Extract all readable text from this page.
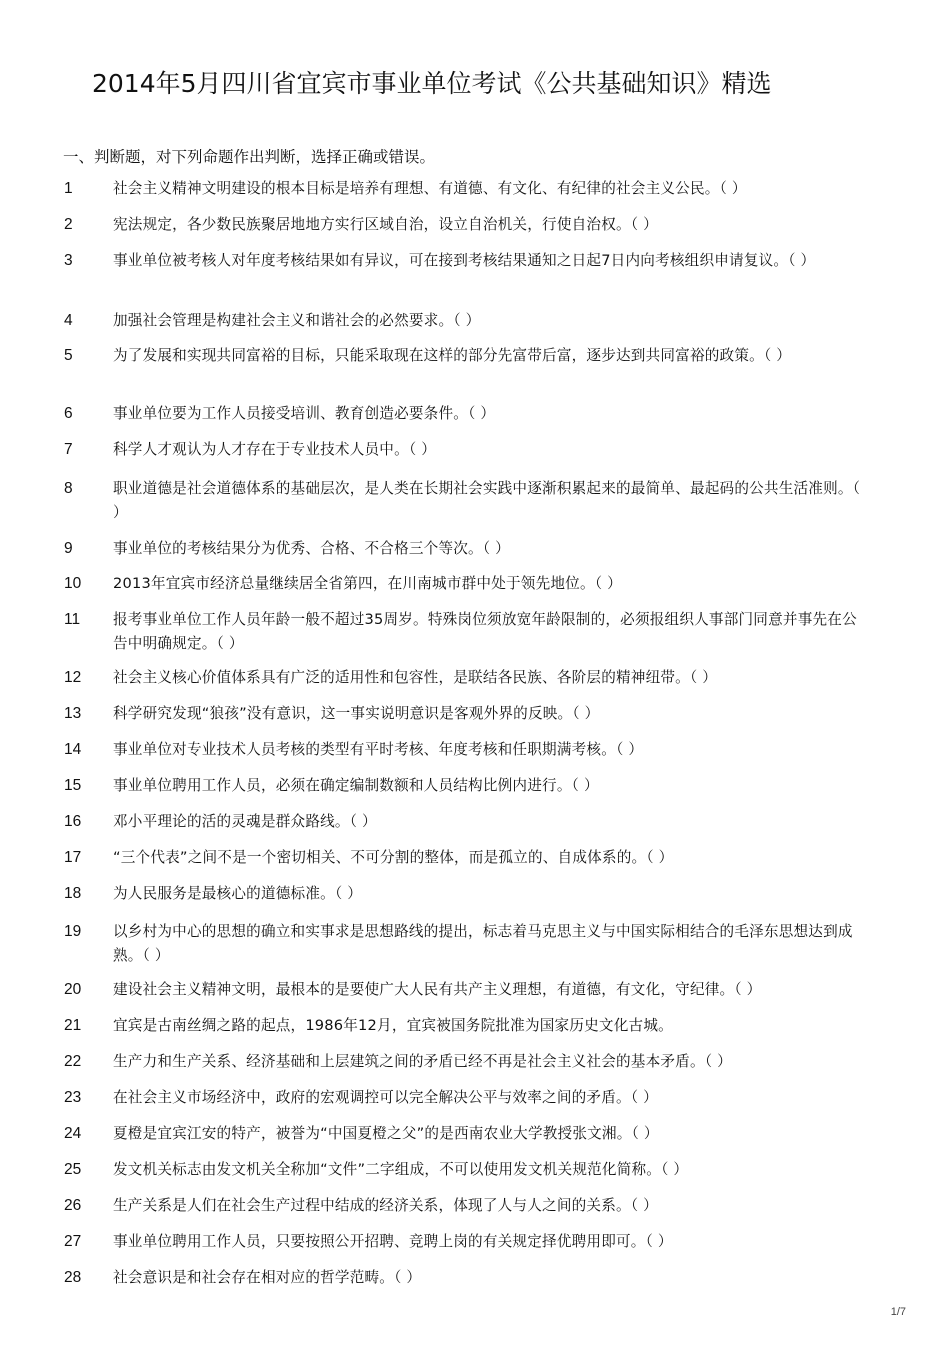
2014年5月四川省宜宾市事业单位考试《公共基础知识》精选
一、判断题，对下列命题作出判断，选择正确或错误。
1	社会主义精神文明建设的根本目标是培养有理想、有道德、有文化、有纪律的社会主义公民。（ ）
2	宪法规定，各少数民族聚居地地方实行区域自治，设立自治机关，行使自治权。（ ）
3	事业单位被考核人对年度考核结果如有异议，可在接到考核结果通知之日起7日内向考核组织申请复议。（ ）
4	加强社会管理是构建社会主义和谐社会的必然要求。（ ）
5	为了发展和实现共同富裕的目标，只能采取现在这样的部分先富带后富，逐步达到共同富裕的政策。（ ）
6	事业单位要为工作人员接受培训、教育创造必要条件。（ ）
7	科学人才观认为人才存在于专业技术人员中。（ ）
8	职业道德是社会道德体系的基础层次，是人类在长期社会实践中逐渐积累起来的最简单、最起码的公共生活准则。（ ）
9	事业单位的考核结果分为优秀、合格、不合格三个等次。（ ）
10 2013年宜宾市经济总量继续居全省第四，在川南城市群中处于领先地位。（ ）
11 报考事业单位工作人员年龄一般不超过35周岁。特殊岗位须放宽年龄限制的，必须报组织人事部门同意并事先在公告中明确规定。（ ）
12 社会主义核心价值体系具有广泛的适用性和包容性，是联结各民族、各阶层的精神纽带。（ ）
13 科学研究发现“狼孩”没有意识，这一事实说明意识是客观外界的反映。（ ）
14 事业单位对专业技术人员考核的类型有平时考核、年度考核和任职期满考核。（ ）
15 事业单位聘用工作人员，必须在确定编制数额和人员结构比例内进行。（ ）
16 邓小平理论的活的灵魂是群众路线。（ ）
17 “三个代表”之间不是一个密切相关、不可分割的整体，而是孤立的、自成体系的。（ ）
18 为人民服务是最核心的道德标准。（ ）
19 以乡村为中心的思想的确立和实事求是思想路线的提出，标志着马克思主义与中国实际相结合的毛泽东思想达到成熟。（ ）
20 建设社会主义精神文明，最根本的是要使广大人民有共产主义理想，有道德，有文化，守纪律。（ ）
21 宜宾是古南丝绸之路的起点，1986年12月，宜宾被国务院批准为国家历史文化古城。
22 生产力和生产关系、经济基础和上层建筑之间的矛盾已经不再是社会主义社会的基本矛盾。（ ）
23 在社会主义市场经济中，政府的宏观调控可以完全解决公平与效率之间的矛盾。（ ）
24 夏橙是宜宾江安的特产，被誉为“中国夏橙之父”的是西南农业大学教授张文湘。（ ）
25 发文机关标志由发文机关全称加“文件”二字组成，不可以使用发文机关规范化简称。（ ）
26 生产关系是人们在社会生产过程中结成的经济关系，体现了人与人之间的关系。（ ）
27 事业单位聘用工作人员，只要按照公开招聘、竞聘上岗的有关规定择优聘用即可。（ ）
28 社会意识是和社会存在相对应的哲学范畴。（ ）
1/7
